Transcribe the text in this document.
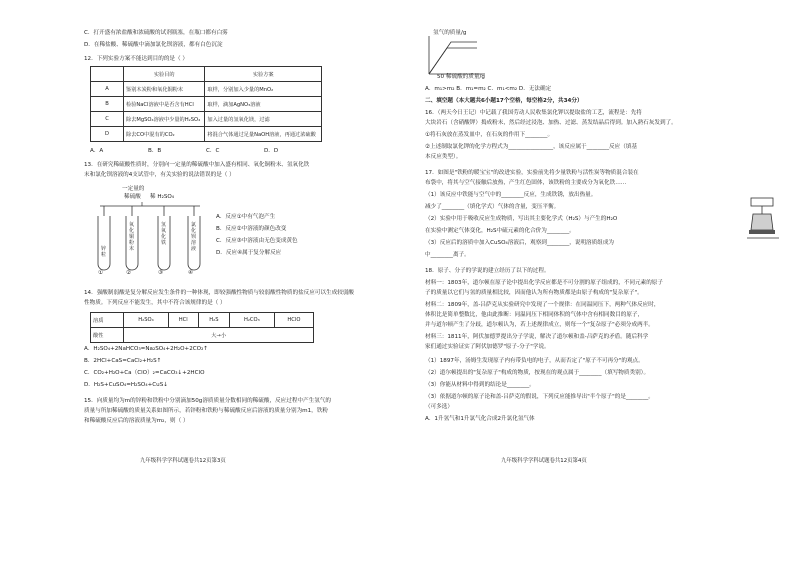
C．打开盛有浓盐酸和浓硫酸的试剂瓶塞，在瓶口都有白雾
D．在稀盐酸、稀硫酸中滴加氯化钡溶液，都有白色沉淀
12．下列实验方案不能达到目的的是（ ）
	实验目的	实验方案
A	鉴别木炭粉和氧化铜粉末	取样，分别加入少量的MnO₂
B	检验NaCl溶液中是否含有HCl	取样，滴加AgNO₃溶液
C	除去MgSO₄溶液中少量的H₂SO₄	加入过量的氢氧化镁，过滤
D	除去CO中混有的CO₂	将混合气体通过足量NaOH溶液，再通过浓硫酸
A．A	B．B	C．C	D．D
13．在研究稀硫酸性质时，分别向一定量的稀硫酸中加入盛有相同、氧化铜粉末、氢氧化铁
末和氯化钡溶液的4支试管中，有关实验的说法错误的是（ ）
一定量的
稀硫酸 稀 H₂SO₄
锌粒
氧化铜粉末
氢氧化铁
氯化钡溶液
①	②	③	④
A．反应①中有气泡产生
B．反应②中溶液的颜色改变
C．反应③中溶液由无色变成黄色
D．反应④属于复分解反应
14．强酸制弱酸是复分解反应发生条件的一种体现，即较强酸性物质与较弱酸性物质的盐反应可以生成较弱酸
性物质。下列反应不能发生，其中不符合该规律的是（ ）
溶质	H₂SO₄	HCl	H₂S	H₂CO₃	HClO
酸性	大→小				
A．H₂SO₄+2NaHCO₃=Na₂SO₄+2H₂O+2CO₂↑
B．2HCl+CaS=CaCl₂+H₂S↑
C．CO₂+H₂O+Ca（ClO）₂=CaCO₃↓+2HClO
D．H₂S+CuSO₄=H₂SO₄+CuS↓
15．向质量均为m的锌粉和铁粉中分别滴加50g溶质质量分数相同的稀硫酸，反应过程中产生氢气的
质量与所加稀硫酸的质量关系如图所示，若锌粉和铁粉与稀硫酸反应后溶液的质量分别为m1，铁粉
和稀硫酸反应后的溶液质量为m₂，则（ ）
九年级科学学科试题卷共12页第3页
氢气的质量/g
50 稀硫酸的质量/g
A．m₁>m₂ B．m₁=m₂ C．m₁<m₂ D．无法确定
二、填空题（本大题共6小题17个空格，每空格2分，共34分）
16．（两天今日王记）中记载了我国劳动人民收集氯化钾以提取盐的工艺，流程是：先将
大块岩石（含硝酸钾）捣成粉末，然后经过浸泡、加热、过滤、蒸发结晶后得到。加入熟石灰发到了。
①将石灰放在蒸发皿中，在石灰的作用下________。
②上述制取氯化钾的化学方程式为________________，该反应属于________反应（填基
本反应类型）。
17．如图是"铁粉的暖宝宝"的改进实验，实验前先将少量铁粉与活性炭等物质混合装在
布袋中，将其与空气接触后放热，产生红色固体，该铁粉的主要成分为氧化铁……
（1）该反应中铁能与空气中的________反应，生成铁锈，放出热量。
减少了________（填化学式）气体的含量，变压平衡。
（2）实验中用于吸收反应生成物质，写出其主要化学式（H₂S）与产生的H₂O
在实验中测定气体变化，H₂S中硫元素的化合价为________。
（3）反应后的溶质中加入CuSO₄溶液后，观察到________，说明溶质组成为
中________离子。
18．原子、分子的学说的建立经历了以下的过程。
材料一：1803年，道尔顿在原子论中提出化学反应都是不可分割的原子组成的，不同元素的原子
子的质量以它们与氢的质量相比较，因而他认为所有物质都是由原子构成的"复杂原子"。
材料二：1809年，盖-吕萨克从实验研究中发现了一个规律：在同温同压下，两种气体反应时，
体积比是简单整数比，他由此推断：同温同压下相同体积的气体中含有相同数目的原子，
并与道尔顿产生了分歧，道尔顿认为，若上述规律成立，则每一个"复杂原子"必须分成两半。
材料三：1811年，阿伏加德罗提出分子学说，解决了道尔顿和盖-吕萨克的矛盾。随后科学
家们通过实验证实了阿伏加德罗"原子-分子"学说。
（1）1897年，汤姆生发现原子内有带负电的电子，从而否定了"原子不可再分"的观点。
（2）道尔顿提出的"复杂原子"构成的物质，按现在的观点属于________（填写物质类别）。
（3）你能从材料中得到的结论是________。
（3）依据道尔顿的原子论和盖-吕萨克的假说，下列反应能推导出"半个原子"的是________。
（可多选）
A．1升氢气和1升氯气化合成2升氯化氢气体
九年级科学学科试题卷共12页第4页
